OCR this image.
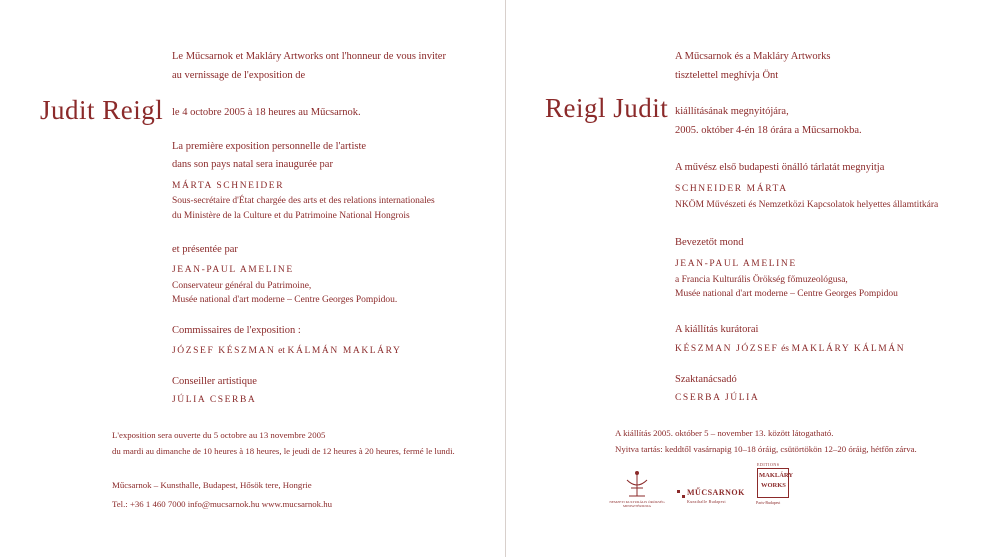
Le Műcsarnok et Makláry Artworks ont l'honneur de vous inviter
au vernissage de l'exposition de
Judit Reigl le 4 octobre 2005 à 18 heures au Műcsarnok.
La première exposition personnelle de l'artiste
dans son pays natal sera inaugurée par
MÁRTA SCHNEIDER
Sous-secrétaire d'État chargée des arts et des relations internationales
du Ministère de la Culture et du Patrimoine National Hongrois
et présentée par
JEAN-PAUL AMELINE
Conservateur général du Patrimoine,
Musée national d'art moderne – Centre Georges Pompidou.
Commissaires de l'exposition :
JÓZSEF KÉSZMAN et KÁLMÁN MAKLÁRY
Conseiller artistique
JÚLIA CSERBA
L'exposition sera ouverte du 5 octobre au 13 novembre 2005
du mardi au dimanche de 10 heures à 18 heures, le jeudi de 12 heures à 20 heures, fermé le lundi.
Műcsarnok – Kunsthalle, Budapest, Hősök tere, Hongrie
Tel.: +36 1 460 7000 info@mucsarnok.hu www.mucsarnok.hu
A Műcsarnok és a Makláry Artworks
tisztelettel meghívja Önt
Reigl Judit kiállításának megnyitójára,
2005. október 4-én 18 órára a Műcsarnokba.
A művész első budapesti önálló tárlatát megnyitja
SCHNEIDER MÁRTA
NKÖM Művészeti és Nemzetközi Kapcsolatok helyettes államtitkára
Bevezetőt mond
JEAN-PAUL AMELINE
a Francia Kulturális Örökség főmuzeológusa,
Musée national d'art moderne – Centre Georges Pompidou
A kiállítás kurátorai
KÉSZMAN JÓZSEF és MAKLÁRY KÁLMÁN
Szaktanácsadó
CSERBA JÚLIA
A kiállítás 2005. október 5 – november 13. között látogatható.
Nyitva tartás: keddtől vasárnapig 10–18 óráig, csütörtökön 12–20 óráig, hétfőn zárva.
NEMZETI KULTURÁLIS ÖRÖKSÉG MINISZTÉRIUMA
MŰCSARNOK
Kunsthalle Budapest
EDITIONS
MAKLÁRY
WORKS
Paris-Budapest
